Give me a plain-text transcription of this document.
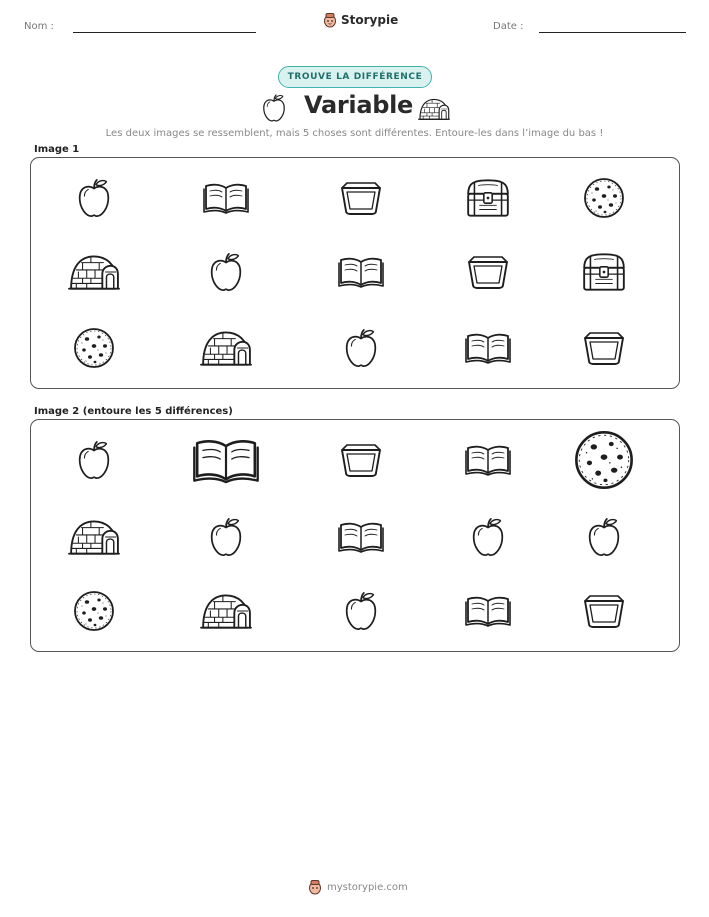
Nom :	Storypie	Date :
TROUVE LA DIFFÉRENCE
Variable

Les deux images se ressemblent, mais 5 choses sont différentes. Entoure-les dans l’image du bas !

Image 1
Image 2 (entoure les 5 différences)
mystorypie.com
